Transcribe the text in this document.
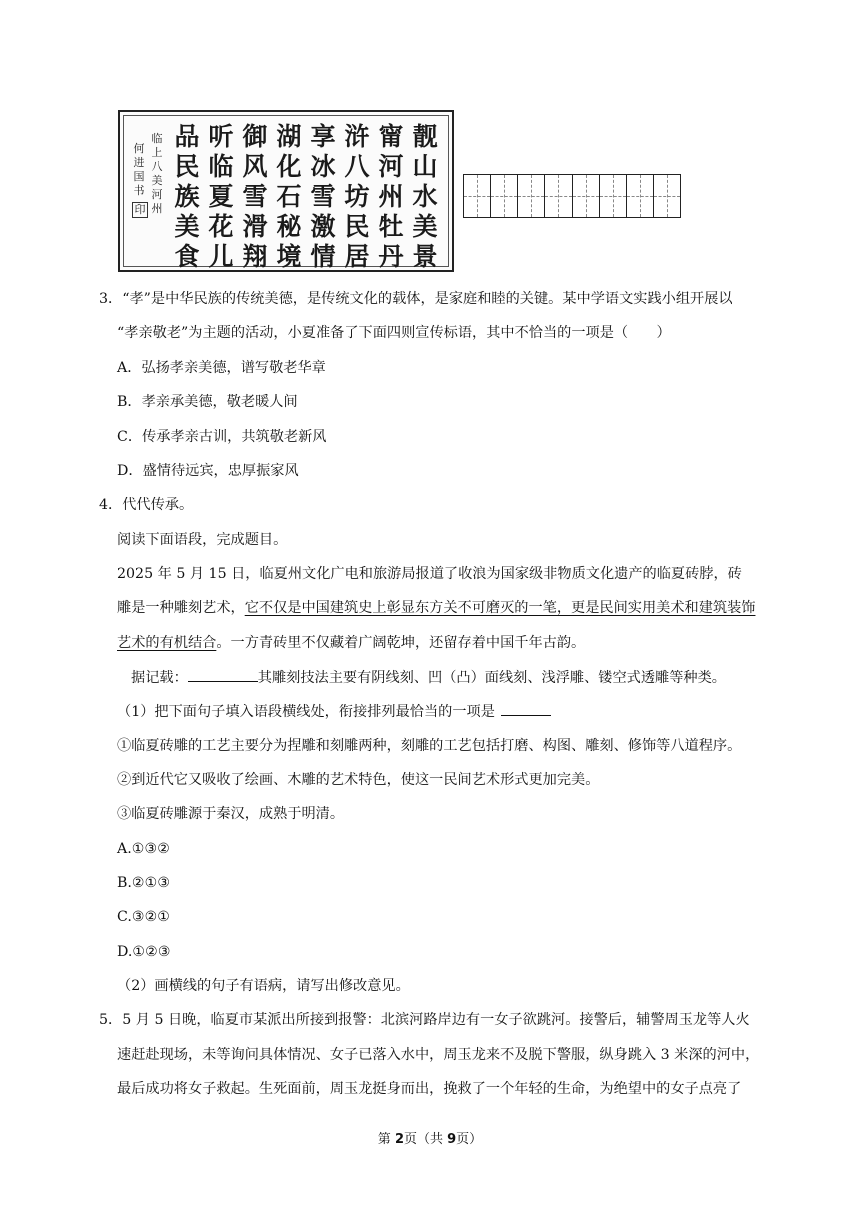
靓山水美景
甯河州牡丹
浒八坊民居
享冰雪激情
湖化石秘境
御风雪滑翔
听临夏花儿
品民族美食
临上八美河州
何进国书
印
3．“孝”是中华民族的传统美德，是传统文化的载体，是家庭和睦的关键。某中学语文实践小组开展以
“孝亲敬老”为主题的活动，小夏准备了下面四则宣传标语，其中不恰当的一项是（　　）
A．弘扬孝亲美德，谱写敬老华章
B．孝亲承美德，敬老暖人间
C．传承孝亲古训，共筑敬老新风
D．盛情待远宾，忠厚振家风
4．代代传承。
阅读下面语段，完成题目。
2025 年 5 月 15 日，临夏州文化广电和旅游局报道了收浪为国家级非物质文化遗产的临夏砖脖，砖
雕是一种雕刻艺术，它不仅是中国建筑史上彰显东方关不可磨灭的一笔，更是民间实用美术和建筑装饰
艺术的有机结合。一方青砖里不仅藏着广阔乾坤，还留存着中国千年古韵。
据记载：	其雕刻技法主要有阴线刻、凹（凸）面线刻、浅浮雕、镂空式透雕等种类。
（1）把下面句子填入语段横线处，衔接排列最恰当的一项是
①临夏砖雕的工艺主要分为捏雕和刻雕两种，刻雕的工艺包括打磨、构图、雕刻、修饰等八道程序。
②到近代它又吸收了绘画、木雕的艺术特色，使这一民间艺术形式更加完美。
③临夏砖雕源于秦汉，成熟于明清。
A.①③②
B.②①③
C.③②①
D.①②③
（2）画横线的句子有语病，请写出修改意见。
5．5 月 5 日晚，临夏市某派出所接到报警：北滨河路岸边有一女子欲跳河。接警后，辅警周玉龙等人火
速赶赴现场，未等询问具体情况、女子已落入水中，周玉龙来不及脱下警服，纵身跳入 3 米深的河中，
最后成功将女子救起。生死面前，周玉龙挺身而出，挽救了一个年轻的生命，为绝望中的女子点亮了
第 2页（共 9页）
